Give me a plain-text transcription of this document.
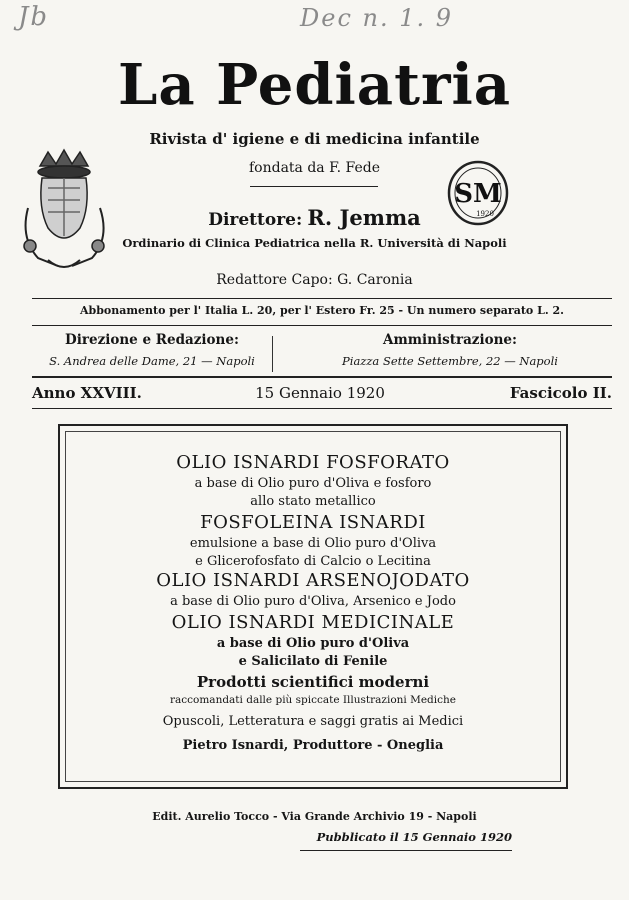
Jb	Dec n. 1. 9
La Pediatria
Rivista d' igiene e di medicina infantile
fondata da F. Fede
SM
1920
Direttore: R. Jemma
Ordinario di Clinica Pediatrica nella R. Università di Napoli
Redattore Capo: G. Caronia
Abbonamento per l' Italia L. 20, per l' Estero Fr. 25 - Un numero separato L. 2.
Direzione e Redazione:
S. Andrea delle Dame, 21 — Napoli
Amministrazione:
Piazza Sette Settembre, 22 — Napoli
Anno XXVIII.	15 Gennaio 1920	Fascicolo II.
OLIO ISNARDI FOSFORATO
a base di Olio puro d'Oliva e fosforo
allo stato metallico
FOSFOLEINA ISNARDI
emulsione a base di Olio puro d'Oliva
e Glicerofosfato di Calcio o Lecitina
OLIO ISNARDI ARSENOJODATO
a base di Olio puro d'Oliva, Arsenico e Jodo
OLIO ISNARDI MEDICINALE
a base di Olio puro d'Oliva
e Salicilato di Fenile
Prodotti scientifici moderni
raccomandati dalle più spiccate Illustrazioni Mediche
Opuscoli, Letteratura e saggi gratis ai Medici
Pietro Isnardi, Produttore - Oneglia
Edit. Aurelio Tocco - Via Grande Archivio 19 - Napoli
Pubblicato il 15 Gennaio 1920
